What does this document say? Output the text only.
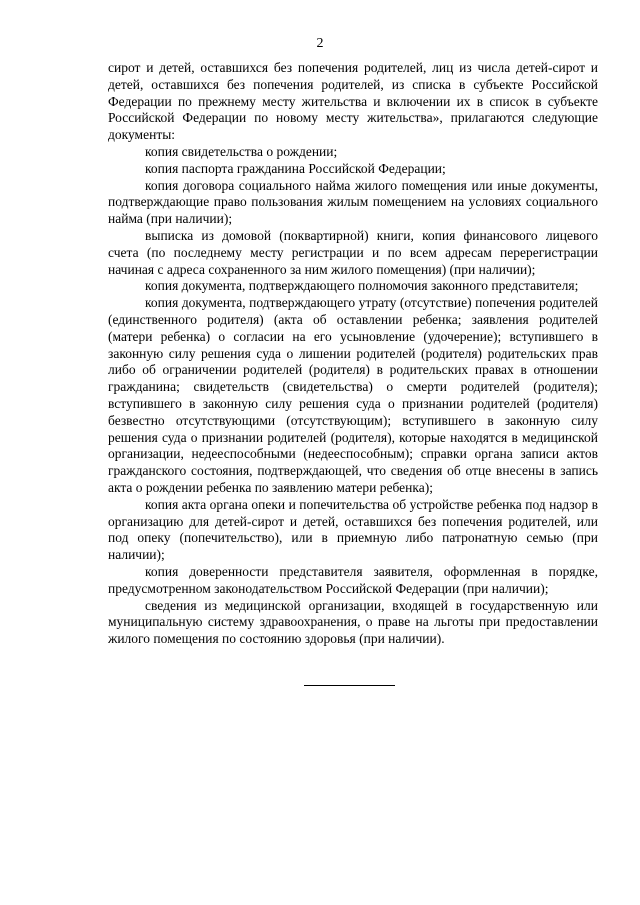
2

сирот и детей, оставшихся без попечения родителей, лиц из числа детей-сирот и детей, оставшихся без попечения родителей, из списка в субъекте Российской Федерации по прежнему месту жительства и включении их в список в субъекте Российской Федерации по новому месту жительства», прилагаются следующие документы:

копия свидетельства о рождении;

копия паспорта гражданина Российской Федерации;

копия договора социального найма жилого помещения или иные документы, подтверждающие право пользования жилым помещением на условиях социального найма (при наличии);

выписка из домовой (поквартирной) книги, копия финансового лицевого счета (по последнему месту регистрации и по всем адресам перерегистрации начиная с адреса сохраненного за ним жилого помещения) (при наличии);

копия документа, подтверждающего полномочия законного представителя;

копия документа, подтверждающего утрату (отсутствие) попечения родителей (единственного родителя) (акта об оставлении ребенка; заявления родителей (матери ребенка) о согласии на его усыновление (удочерение); вступившего в законную силу решения суда о лишении родителей (родителя) родительских прав либо об ограничении родителей (родителя) в родительских правах в отношении гражданина; свидетельств (свидетельства) о смерти родителей (родителя); вступившего в законную силу решения суда о признании родителей (родителя) безвестно отсутствующими (отсутствующим); вступившего в законную силу решения суда о признании родителей (родителя), которые находятся в медицинской организации, недееспособными (недееспособным); справки органа записи актов гражданского состояния, подтверждающей, что сведения об отце внесены в запись акта о рождении ребенка по заявлению матери ребенка);

копия акта органа опеки и попечительства об устройстве ребенка под надзор в организацию для детей-сирот и детей, оставшихся без попечения родителей, или под опеку (попечительство), или в приемную либо патронатную семью (при наличии);

копия доверенности представителя заявителя, оформленная в порядке, предусмотренном законодательством Российской Федерации (при наличии);

сведения из медицинской организации, входящей в государственную или муниципальную систему здравоохранения, о праве на льготы при предоставлении жилого помещения по состоянию здоровья (при наличии).
